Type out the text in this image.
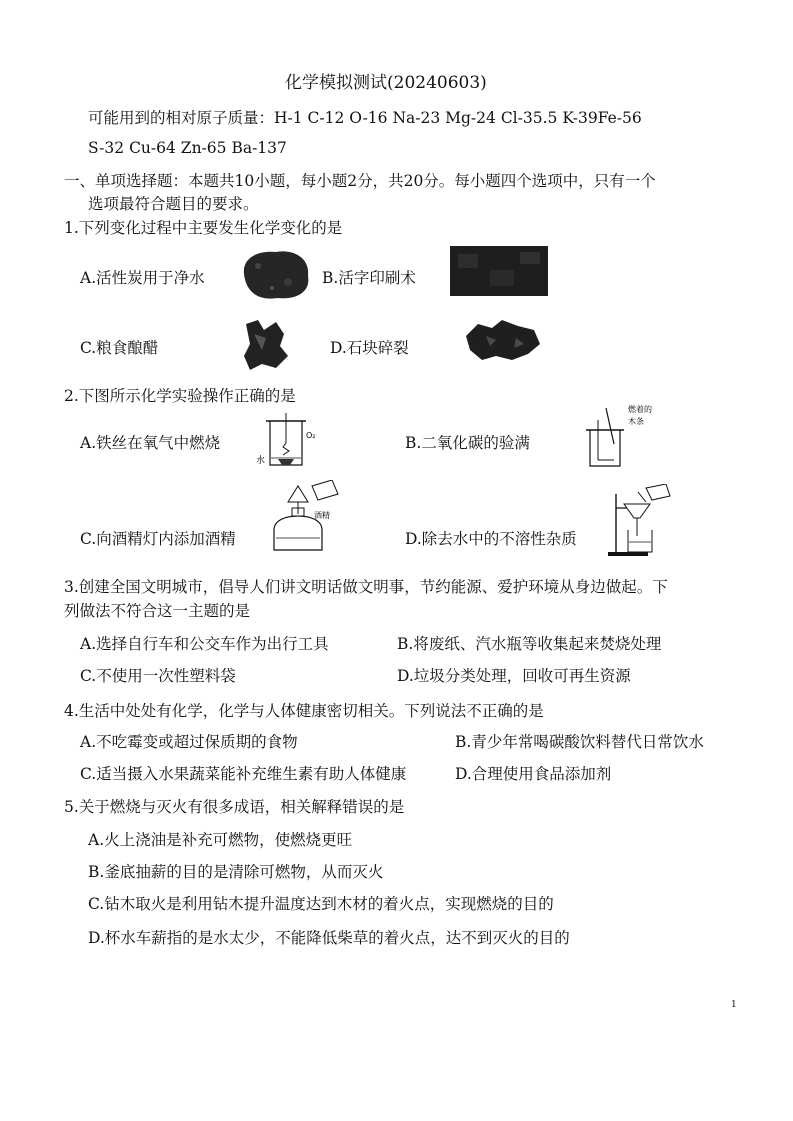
化学模拟测试(20240603)
可能用到的相对原子质量：H-1 C-12 O-16 Na-23 Mg-24 Cl-35.5 K-39Fe-56
S-32 Cu-64 Zn-65 Ba-137
一、单项选择题：本题共10小题，每小题2分，共20分。每小题四个选项中，只有一个
选项最符合题目的要求。
1.下列变化过程中主要发生化学变化的是
A.活性炭用于净水	B.活字印刷术
C.粮食酿醋	D.石块碎裂
2.下图所示化学实验操作正确的是
A.铁丝在氧气中燃烧	O₂
水
B.二氧化碳的验满
燃着的
木条
C.向酒精灯内添加酒精
酒精
D.除去水中的不溶性杂质
3.创建全国文明城市，倡导人们讲文明话做文明事，节约能源、爱护环境从身边做起。下
列做法不符合这一主题的是
A.选择自行车和公交车作为出行工具	B.将废纸、汽水瓶等收集起来焚烧处理
C.不使用一次性塑料袋	D.垃圾分类处理，回收可再生资源
4.生活中处处有化学，化学与人体健康密切相关。下列说法不正确的是
A.不吃霉变或超过保质期的食物	B.青少年常喝碳酸饮料替代日常饮水
C.适当摄入水果蔬菜能补充维生素有助人体健康	D.合理使用食品添加剂
5.关于燃烧与灭火有很多成语，相关解释错误的是
A.火上浇油是补充可燃物，使燃烧更旺
B.釜底抽薪的目的是清除可燃物，从而灭火
C.钻木取火是利用钻木提升温度达到木材的着火点，实现燃烧的目的
D.杯水车薪指的是水太少，不能降低柴草的着火点，达不到灭火的目的
1
